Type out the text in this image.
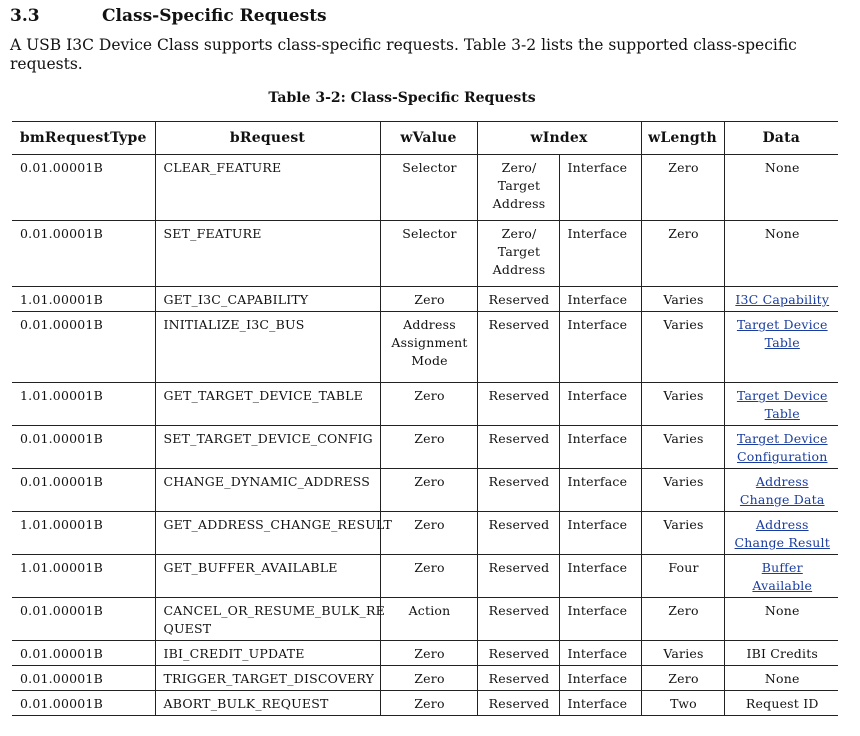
3.3	Class-Specific Requests
A USB I3C Device Class supports class-specific requests. Table 3-2 lists the supported class-specific requests.
Table 3-2: Class-Specific Requests
bmRequestType	bRequest	wValue	wIndex		wLength	Data
0.01.00001B	CLEAR_FEATURE	Selector	Zero/
Target
Address	Interface	Zero	None
0.01.00001B	SET_FEATURE	Selector	Zero/
Target
Address	Interface	Zero	None
1.01.00001B	GET_I3C_CAPABILITY	Zero	Reserved	Interface	Varies	I3C Capability
0.01.00001B	INITIALIZE_I3C_BUS	Address
Assignment
Mode	Reserved	Interface	Varies	Target Device Table
1.01.00001B	GET_TARGET_DEVICE_TABLE	Zero	Reserved	Interface	Varies	Target Device Table
0.01.00001B	SET_TARGET_DEVICE_CONFIG	Zero	Reserved	Interface	Varies	Target Device Configuration
0.01.00001B	CHANGE_DYNAMIC_ADDRESS	Zero	Reserved	Interface	Varies	Address Change Data
1.01.00001B	GET_ADDRESS_CHANGE_RESULT	Zero	Reserved	Interface	Varies	Address Change Result
1.01.00001B	GET_BUFFER_AVAILABLE	Zero	Reserved	Interface	Four	Buffer Available
0.01.00001B	CANCEL_OR_RESUME_BULK_RE
QUEST	Action	Reserved	Interface	Zero	None
0.01.00001B	IBI_CREDIT_UPDATE	Zero	Reserved	Interface	Varies	IBI Credits
0.01.00001B	TRIGGER_TARGET_DISCOVERY	Zero	Reserved	Interface	Zero	None
0.01.00001B	ABORT_BULK_REQUEST	Zero	Reserved	Interface	Two	Request ID
